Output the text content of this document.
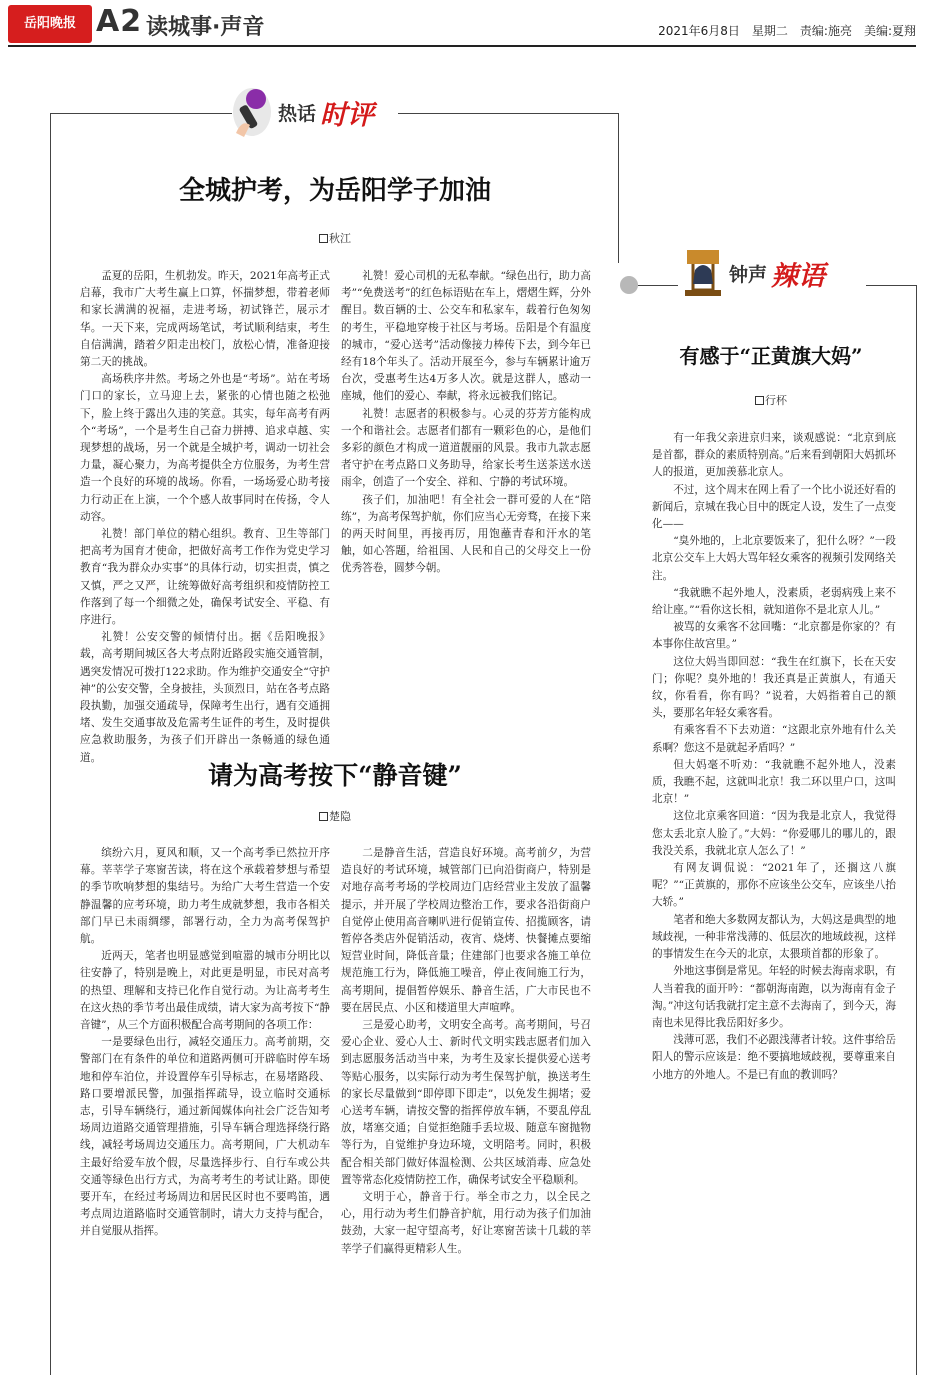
岳阳晚报 A2 读城事·声音	2021年6月8日　星期二　责编:施亮　美编:夏翔
热话 时评
钟声 辣语
全城护考，为岳阳学子加油
秋江

孟夏的岳阳，生机勃发。昨天，2021年高考正式启幕，我市广大考生赢上口算，怀揣梦想，带着老师和家长满满的祝福，走进考场，初试锋芒，展示才华。一天下来，完成两场笔试，考试顺利结束，考生自信满满，踏着夕阳走出校门，放松心情，准备迎接第二天的挑战。

高场秩序井然。考场之外也是“考场”。站在考场门口的家长，立马迎上去，紧张的心情也随之松弛下，脸上终于露出久违的笑意。其实，每年高考有两个“考场”，一个是考生自己奋力拼搏、追求卓越、实现梦想的战场，另一个就是全城护考，调动一切社会力量，凝心聚力，为高考提供全方位服务，为考生营造一个良好的环境的战场。你看，一场场爱心助考接力行动正在上演，一个个感人故事同时在传扬，令人动容。

礼赞！部门单位的精心组织。教育、卫生等部门把高考为国育才使命，把做好高考工作作为党史学习教育“我为群众办实事”的具体行动，切实担责，慎之又慎，严之又严，让统筹做好高考组织和疫情防控工作落到了每一个细微之处，确保考试安全、平稳、有序进行。

礼赞！公安交警的倾情付出。据《岳阳晚报》载，高考期间城区各大考点附近路段实施交通管制，遇突发情况可拨打122求助。作为维护交通安全“守护神”的公安交警，全身披挂，头顶烈日，站在各考点路段执勤，加强交通疏导，保障考生出行，遇有交通拥堵、发生交通事故及危需考生证件的考生，及时提供应急救助服务，为孩子们开辟出一条畅通的绿色通道。

礼赞！爱心司机的无私奉献。“绿色出行，助力高考”“免费送考”的红色标语贴在车上，熠熠生辉，分外醒目。数百辆的士、公交车和私家车，载着行色匆匆的考生，平稳地穿梭于社区与考场。岳阳是个有温度的城市，“爱心送考”活动像接力棒传下去，到今年已经有18个年头了。活动开展至今，参与车辆累计逾万台次，受惠考生达4万多人次。就是这群人，感动一座城，他们的爱心、奉献，将永远被我们铭记。

礼赞！志愿者的积极参与。心灵的芬芳方能构成一个和谐社会。志愿者们都有一颗彩色的心，是他们多彩的颜色才构成一道道靓丽的风景。我市九款志愿者守护在考点路口义务助导，给家长考生送茶送水送雨伞，创造了一个安全、祥和、宁静的考试环境。

孩子们，加油吧！有全社会一群可爱的人在“陪练”，为高考保驾护航，你们应当心无旁骛，在接下来的两天时间里，再接再厉，用饱蘸青春和汗水的笔触，如心答题，给祖国、人民和自己的父母交上一份优秀答卷，圆梦今朝。

请为高考按下“静音键”
楚隐

缤纷六月，夏风和顺，又一个高考季已然拉开序幕。莘莘学子寒窗苦读，将在这个承载着梦想与希望的季节吹响梦想的集结号。为给广大考生营造一个安静温馨的应考环境，助力考生成就梦想，我市各相关部门早已未雨绸缪，部署行动，全力为高考保驾护航。

近两天，笔者也明显感觉到喧嚣的城市分明比以往安静了，特别是晚上，对此更是明显，市民对高考的热望、理解和支持已化作自觉行动。为让高考考生在这火热的季节考出最佳成绩，请大家为高考按下“静音键”，从三个方面积极配合高考期间的各项工作：

一是要绿色出行，减轻交通压力。高考前期，交警部门在有条件的单位和道路两侧可开辟临时停车场地和停车泊位，并设置停车引导标志，在易堵路段、路口要增派民警，加强指挥疏导，设立临时交通标志，引导车辆绕行，通过新闻媒体向社会广泛告知考场周边道路交通管理措施，引导车辆合理选择绕行路线，减轻考场周边交通压力。高考期间，广大机动车主最好给爱车放个假，尽量选择步行、自行车或公共交通等绿色出行方式，为高考考生的考试让路。即使要开车，在经过考场周边和居民区时也不要鸣笛，遇考点周边道路临时交通管制时，请大力支持与配合，并自觉服从指挥。

二是静音生活，营造良好环境。高考前夕，为营造良好的考试环境，城管部门已向沿街商户，特别是对地存高考考场的学校周边门店经营业主发放了温馨提示，并开展了学校周边整治工作，要求各沿街商户自觉停止使用高音喇叭进行促销宣传、招揽顾客，请暂停各类店外促销活动，夜宵、烧烤、快餐摊点要缩短营业时间，降低音量；住建部门也要求各施工单位规范施工行为，降低施工噪音，停止夜间施工行为，高考期间，提倡暂停娱乐、静音生活，广大市民也不要在居民点、小区和楼道里大声喧哗。

三是爱心助考，文明安全高考。高考期间，号召爱心企业、爱心人士、新时代文明实践志愿者们加入到志愿服务活动当中来，为考生及家长提供爱心送考等贴心服务，以实际行动为考生保驾护航，换送考生的家长尽量做到“即停即下即走”，以免发生拥堵；爱心送考车辆，请按交警的指挥停放车辆，不要乱停乱放，堵塞交通；自觉拒绝随手丢垃圾、随意车窗抛物等行为，自觉维护身边环境，文明陪考。同时，积极配合相关部门做好体温检测、公共区域消毒、应急处置等常态化疫情防控工作，确保考试安全平稳顺利。

文明于心，静音于行。举全市之力，以全民之心，用行动为考生们静音护航，用行动为孩子们加油鼓劲，大家一起守望高考，好让寒窗苦读十几载的莘莘学子们赢得更精彩人生。

有感于“正黄旗大妈”
行杯

有一年我父亲进京归来，谈观感说：“北京到底是首都，群众的素质特别高。”后来看到朝阳大妈抓坏人的报道，更加羡慕北京人。

不过，这个周末在网上看了一个比小说还好看的新闻后，京城在我心目中的既定人设，发生了一点变化——

“臭外地的，上北京要饭来了，犯什么呀？”一段北京公交车上大妈大骂年轻女乘客的视频引发网络关注。

“我就瞧不起外地人，没素质，老弱病残上来不给让座。”“看你这长相，就知道你不是北京人儿。”

被骂的女乘客不忿回嘴：“北京都是你家的？有本事你住故宫里。”

这位大妈当即回怼：“我生在红旗下，长在天安门；你呢？臭外地的！我还真是正黄旗人，有通天纹，你看看，你有吗？”说着，大妈指着自己的额头，要那名年轻女乘客看。

有乘客看不下去劝道：“这跟北京外地有什么关系啊？您这不是就起矛盾吗？”

但大妈毫不听劝：“我就瞧不起外地人，没素质，我瞧不起，这就叫北京！我二环以里户口，这叫北京！”

这位北京乘客回道：“因为我是北京人，我觉得您太丢北京人脸了。”大妈：“你爱哪儿的哪儿的，跟我没关系，我就北京人怎么了！”

有网友调侃说：“2021年了，还搁这八旗呢？”“正黄旗的，那你不应该坐公交车，应该坐八抬大轿。”

笔者和绝大多数网友都认为，大妈这是典型的地域歧视，一种非常浅薄的、低层次的地域歧视，这样的事情发生在今天的北京，太猥琐首都的形象了。

外地这事倒是常见。年轻的时候去海南求职，有人当着我的面开吟：“都朝海南跑，以为海南有金子淘。”冲这句话我就打定主意不去海南了，到今天，海南也未见得比我岳阳好多少。

浅薄可恶，我们不必跟浅薄者计较。这件事给岳阳人的警示应该是：绝不要搞地域歧视，要尊重来自小地方的外地人。不是已有血的教训吗？
